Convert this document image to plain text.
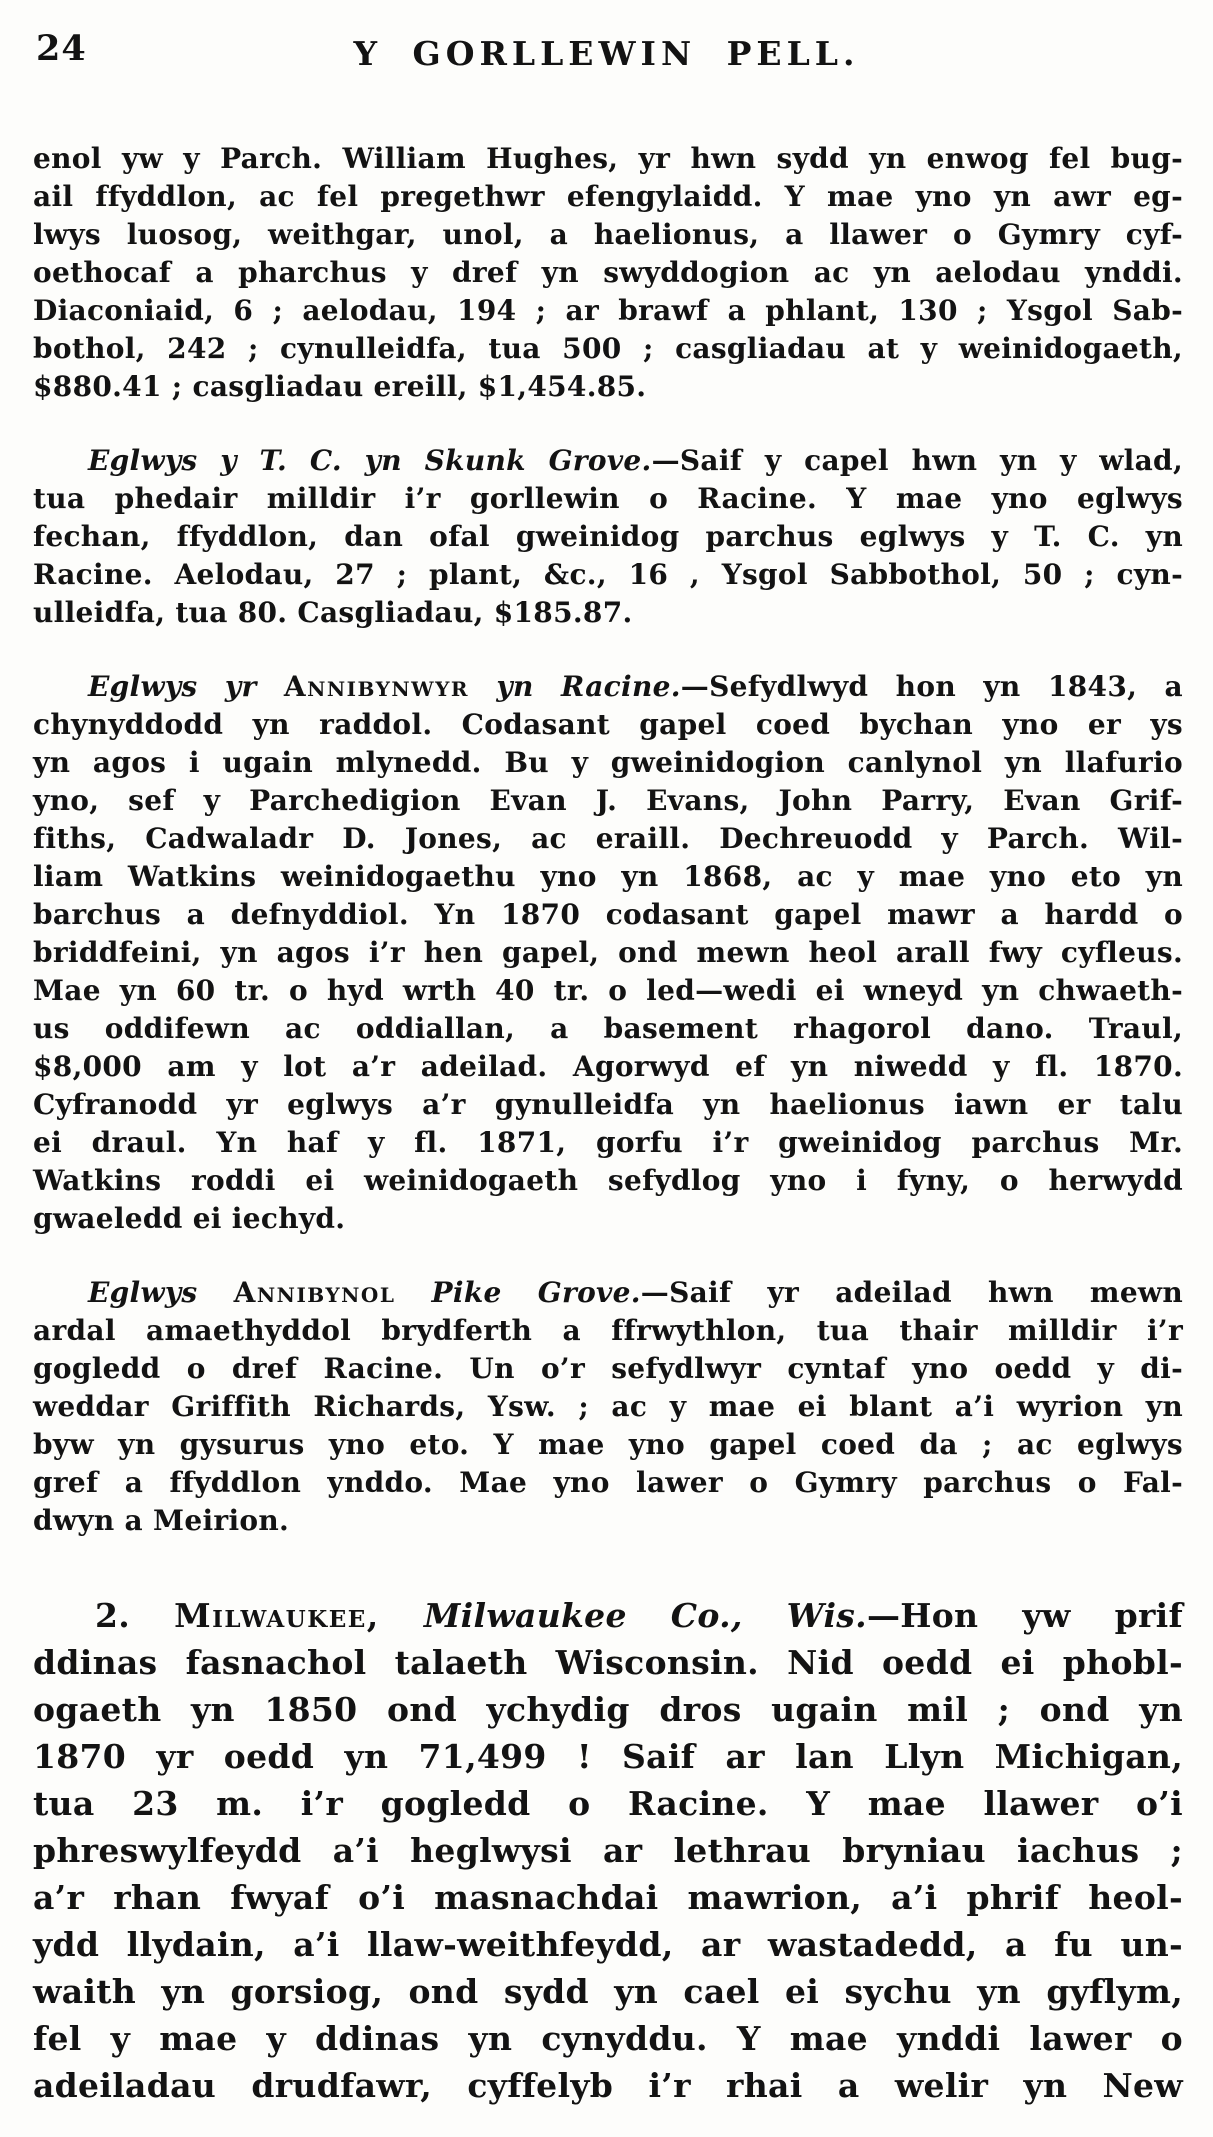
24	Y GORLLEWIN PELL.
enol yw y Parch. William Hughes, yr hwn sydd yn enwog fel bug-
ail ffyddlon, ac fel pregethwr efengylaidd. Y mae yno yn awr eg-
lwys luosog, weithgar, unol, a haelionus, a llawer o Gymry cyf-
oethocaf a pharchus y dref yn swyddogion ac yn aelodau ynddi.
Diaconiaid, 6 ; aelodau, 194 ; ar brawf a phlant, 130 ; Ysgol Sab-
bothol, 242 ; cynulleidfa, tua 500 ; casgliadau at y weinidogaeth,
$880.41 ; casgliadau ereill, $1,454.85.
Eglwys y T. C. yn Skunk Grove.—Saif y capel hwn yn y wlad,
tua phedair milldir i’r gorllewin o Racine. Y mae yno eglwys
fechan, ffyddlon, dan ofal gweinidog parchus eglwys y T. C. yn
Racine. Aelodau, 27 ; plant, &c., 16 , Ysgol Sabbothol, 50 ; cyn-
ulleidfa, tua 80. Casgliadau, $185.87.
Eglwys yr Annibynwyr yn Racine.—Sefydlwyd hon yn 1843, a
chynyddodd yn raddol. Codasant gapel coed bychan yno er ys
yn agos i ugain mlynedd. Bu y gweinidogion canlynol yn llafurio
yno, sef y Parchedigion Evan J. Evans, John Parry, Evan Grif-
fiths, Cadwaladr D. Jones, ac eraill. Dechreuodd y Parch. Wil-
liam Watkins weinidogaethu yno yn 1868, ac y mae yno eto yn
barchus a defnyddiol. Yn 1870 codasant gapel mawr a hardd o
briddfeini, yn agos i’r hen gapel, ond mewn heol arall fwy cyfleus.
Mae yn 60 tr. o hyd wrth 40 tr. o led—wedi ei wneyd yn chwaeth-
us oddifewn ac oddiallan, a basement rhagorol dano. Traul,
$8,000 am y lot a’r adeilad. Agorwyd ef yn niwedd y fl. 1870.
Cyfranodd yr eglwys a’r gynulleidfa yn haelionus iawn er talu
ei draul. Yn haf y fl. 1871, gorfu i’r gweinidog parchus Mr.
Watkins roddi ei weinidogaeth sefydlog yno i fyny, o herwydd
gwaeledd ei iechyd.
Eglwys Annibynol Pike Grove.—Saif yr adeilad hwn mewn
ardal amaethyddol brydferth a ffrwythlon, tua thair milldir i’r
gogledd o dref Racine. Un o’r sefydlwyr cyntaf yno oedd y di-
weddar Griffith Richards, Ysw. ; ac y mae ei blant a’i wyrion yn
byw yn gysurus yno eto. Y mae yno gapel coed da ; ac eglwys
gref a ffyddlon ynddo. Mae yno lawer o Gymry parchus o Fal-
dwyn a Meirion.
2. Milwaukee, Milwaukee Co., Wis.—Hon yw prif
ddinas fasnachol talaeth Wisconsin. Nid oedd ei phobl-
ogaeth yn 1850 ond ychydig dros ugain mil ; ond yn
1870 yr oedd yn 71,499 ! Saif ar lan Llyn Michigan,
tua 23 m. i’r gogledd o Racine. Y mae llawer o’i
phreswylfeydd a’i heglwysi ar lethrau bryniau iachus ;
a’r rhan fwyaf o’i masnachdai mawrion, a’i phrif heol-
ydd llydain, a’i llaw-weithfeydd, ar wastadedd, a fu un-
waith yn gorsiog, ond sydd yn cael ei sychu yn gyflym,
fel y mae y ddinas yn cynyddu. Y mae ynddi lawer o
adeiladau drudfawr, cyffelyb i’r rhai a welir yn New
